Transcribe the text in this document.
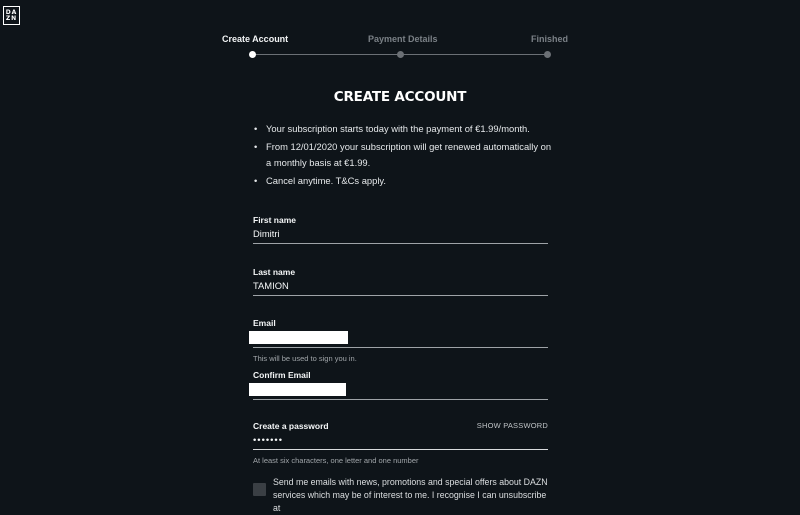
DA
ZN
Create Account	Payment Details	Finished
CREATE ACCOUNT
• Your subscription starts today with the payment of €1.99/month.
• From 12/01/2020 your subscription will get renewed automatically on a monthly basis at €1.99.
• Cancel anytime. T&Cs apply.
First name
Dimitri
Last name
TAMION
Email
This will be used to sign you in.
Confirm Email
Create a password	SHOW PASSWORD
•••••••
At least six characters, one letter and one number
Send me emails with news, promotions and special offers about DAZN services which may be of interest to me. I recognise I can unsubscribe at
